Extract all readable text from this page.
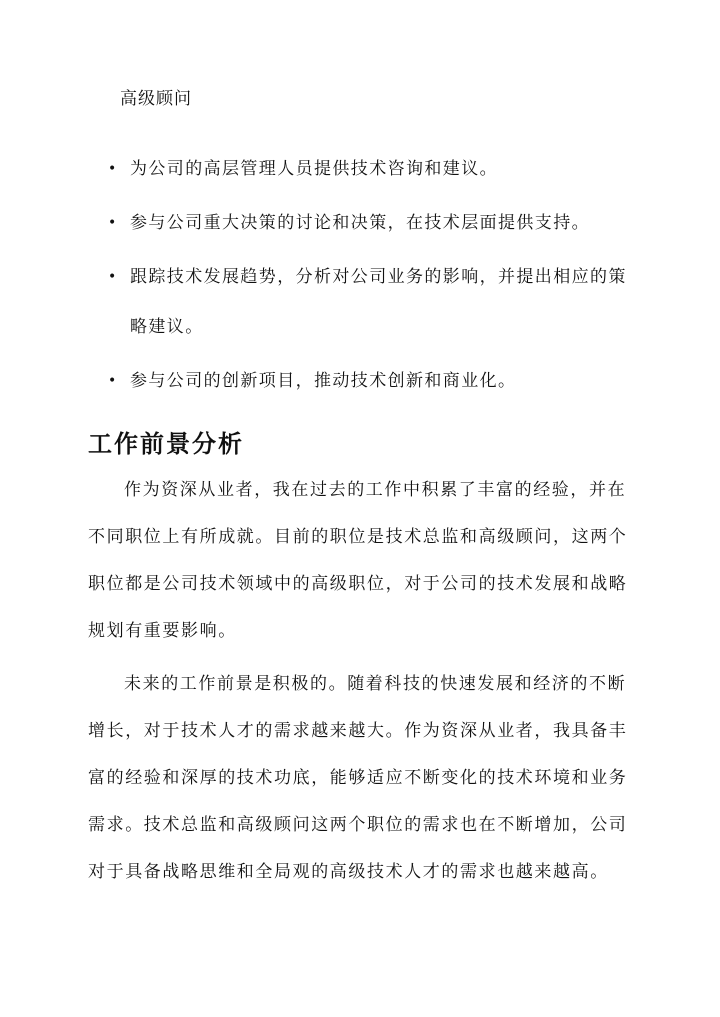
高级顾问
• 为公司的高层管理人员提供技术咨询和建议。
• 参与公司重大决策的讨论和决策，在技术层面提供支持。
• 跟踪技术发展趋势，分析对公司业务的影响，并提出相应的策略建议。
• 参与公司的创新项目，推动技术创新和商业化。
工作前景分析

作为资深从业者，我在过去的工作中积累了丰富的经验，并在不同职位上有所成就。目前的职位是技术总监和高级顾问，这两个职位都是公司技术领域中的高级职位，对于公司的技术发展和战略规划有重要影响。

未来的工作前景是积极的。随着科技的快速发展和经济的不断增长，对于技术人才的需求越来越大。作为资深从业者，我具备丰富的经验和深厚的技术功底，能够适应不断变化的技术环境和业务需求。技术总监和高级顾问这两个职位的需求也在不断增加，公司对于具备战略思维和全局观的高级技术人才的需求也越来越高。
